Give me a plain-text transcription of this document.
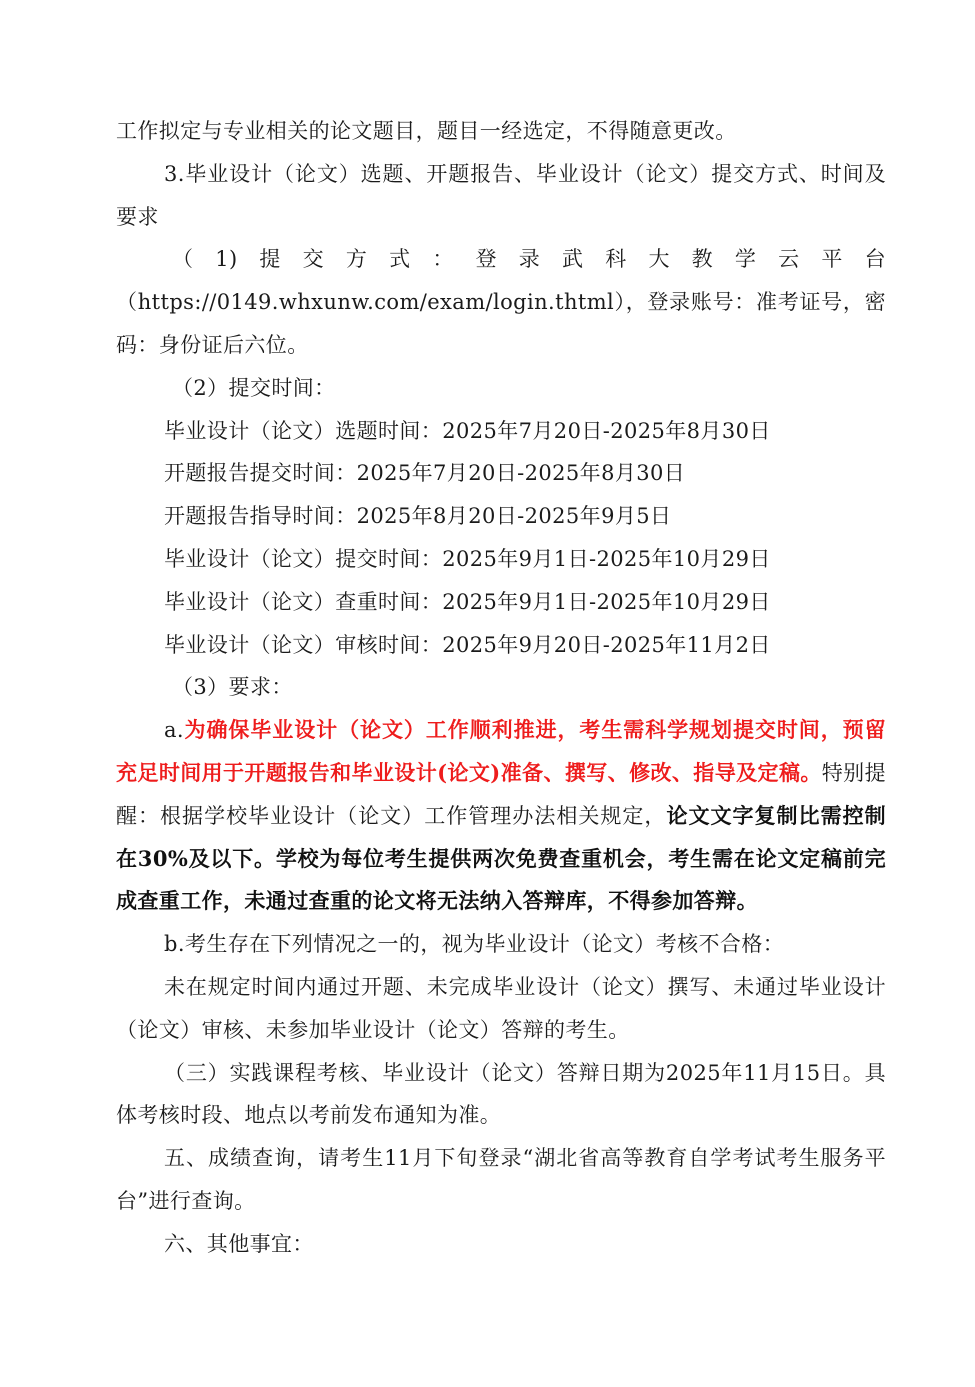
工作拟定与专业相关的论文题目，题目一经选定，不得随意更改。

3.毕业设计（论文）选题、开题报告、毕业设计（论文）提交方式、时间及要求

（1)提交方式：登录武科大教学云平台（https://0149.whxunw.com/exam/login.thtml），登录账号：准考证号，密码：身份证后六位。

（2）提交时间：

毕业设计（论文）选题时间：2025年7月20日-2025年8月30日

开题报告提交时间：2025年7月20日-2025年8月30日

开题报告指导时间：2025年8月20日-2025年9月5日

毕业设计（论文）提交时间：2025年9月1日-2025年10月29日

毕业设计（论文）查重时间：2025年9月1日-2025年10月29日

毕业设计（论文）审核时间：2025年9月20日-2025年11月2日

（3）要求：

a.为确保毕业设计（论文）工作顺利推进，考生需科学规划提交时间，预留充足时间用于开题报告和毕业设计(论文)准备、撰写、修改、指导及定稿。特别提醒：根据学校毕业设计（论文）工作管理办法相关规定，论文文字复制比需控制在30%及以下。学校为每位考生提供两次免费查重机会，考生需在论文定稿前完成查重工作，未通过查重的论文将无法纳入答辩库，不得参加答辩。

b.考生存在下列情况之一的，视为毕业设计（论文）考核不合格：

未在规定时间内通过开题、未完成毕业设计（论文）撰写、未通过毕业设计（论文）审核、未参加毕业设计（论文）答辩的考生。

（三）实践课程考核、毕业设计（论文）答辩日期为2025年11月15日。具体考核时段、地点以考前发布通知为准。

五、成绩查询，请考生11月下旬登录“湖北省高等教育自学考试考生服务平台”进行查询。

六、其他事宜：
